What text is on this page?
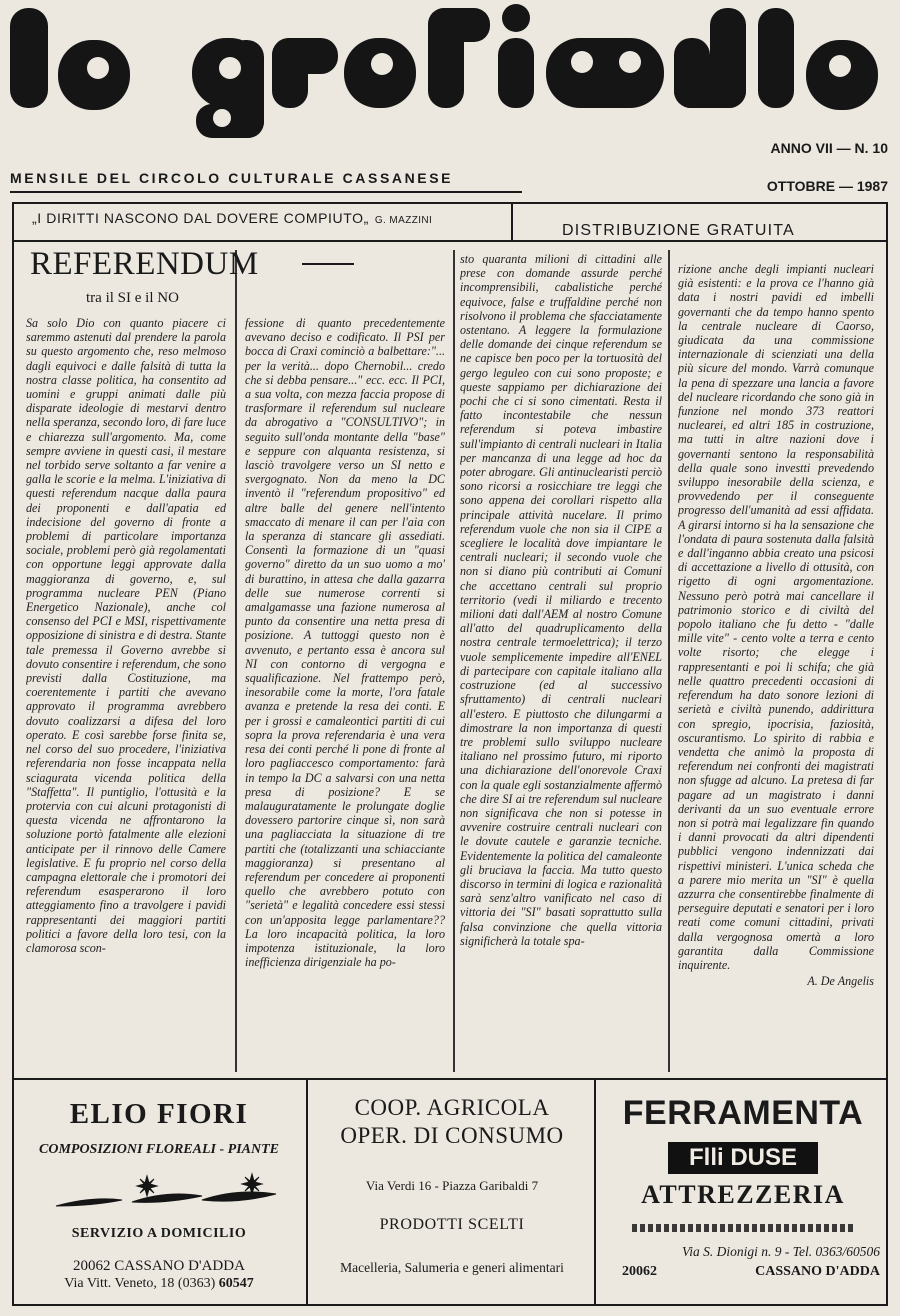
ANNO VII — N. 10
MENSILE DEL CIRCOLO CULTURALE CASSANESE	OTTOBRE — 1987
„I DIRITTI NASCONO DAL DOVERE COMPIUTO„ G. MAZZINI
DISTRIBUZIONE GRATUITA
REFERENDUM
tra il SI e il NO

Sa solo Dio con quanto piacere ci saremmo astenuti dal prendere la parola su questo argomento che, reso melmoso dagli equivoci e dalle falsità di tutta la nostra classe politica, ha consentito ad uomini e gruppi animati dalle più disparate ideologie di mestarvi dentro nella speranza, secondo loro, di fare luce e chiarezza sull'argomento. Ma, come sempre avviene in questi casi, il mestare nel torbido serve soltanto a far venire a galla le scorie e la melma. L'iniziativa di questi referendum nacque dalla paura dei proponenti e dall'apatia ed indecisione del governo di fronte a problemi di particolare importanza sociale, problemi però già regolamentati con opportune leggi approvate dalla maggioranza di governo, e, sul programma nucleare PEN (Piano Energetico Nazionale), anche col consenso del PCI e MSI, rispettivamente opposizione di sinistra e di destra. Stante tale premessa il Governo avrebbe si dovuto consentire i referendum, che sono previsti dalla Costituzione, ma coerentemente i partiti che avevano approvato il programma avrebbero dovuto coalizzarsi a difesa del loro operato. E così sarebbe forse finita se, nel corso del suo procedere, l'iniziativa referendaria non fosse incappata nella sciagurata vicenda politica della "Staffetta". Il puntiglio, l'ottusità e la protervia con cui alcuni protagonisti di questa vicenda ne affrontarono la soluzione portò fatalmente alle elezioni anticipate per il rinnovo delle Camere legislative. E fu proprio nel corso della campagna elettorale che i promotori dei referendum esasperarono il loro atteggiamento fino a travolgere i pavidi rappresentanti dei maggiori partiti politici a favore della loro tesi, con la clamorosa scon-

fessione di quanto precedentemente avevano deciso e codificato. Il PSI per bocca di Craxi cominciò a balbettare:"... per la verità... dopo Chernobil... credo che si debba pensare..." ecc. ecc. Il PCI, a sua volta, con mezza faccia propose di trasformare il referendum sul nucleare da abrogativo a "CONSULTIVO"; in seguito sull'onda montante della "base" e seppure con alquanta resistenza, si lasciò travolgere verso un SI netto e svergognato. Non da meno la DC inventò il "referendum propositivo" ed altre balle del genere nell'intento smaccato di menare il can per l'aia con la speranza di stancare gli assediati. Consentì la formazione di un "quasi governo" diretto da un suo uomo a mo' di burattino, in attesa che dalla gazarra delle sue numerose correnti si amalgamasse una fazione numerosa al punto da consentire una netta presa di posizione. A tuttoggi questo non è avvenuto, e pertanto essa è ancora sul NI con contorno di vergogna e squalificazione. Nel frattempo però, inesorabile come la morte, l'ora fatale avanza e pretende la resa dei conti. E per i grossi e camaleontici partiti di cui sopra la prova referendaria è una vera resa dei conti perché li pone di fronte al loro pagliaccesco comportamento: farà in tempo la DC a salvarsi con una netta presa di posizione? E se malauguratamente le prolungate doglie dovessero partorire cinque sì, non sarà una pagliacciata la situazione di tre partiti che (totalizzanti una schiacciante maggioranza) si presentano al referendum per concedere ai proponenti quello che avrebbero potuto con "serietà" e legalità concedere essi stessi con un'apposita legge parlamentare?? La loro incapacità politica, la loro impotenza istituzionale, la loro inefficienza dirigenziale ha po-

sto quaranta milioni di cittadini alle prese con domande assurde perché incomprensibili, cabalistiche perché equivoce, false e truffaldine perché non risolvono il problema che sfacciatamente ostentano. A leggere la formulazione delle domande dei cinque referendum se ne capisce ben poco per la tortuosità del gergo leguleo con cui sono proposte; e queste sappiamo per dichiarazione dei pochi che ci si sono cimentati. Resta il fatto incontestabile che nessun referendum si poteva imbastire sull'impianto di centrali nucleari in Italia per mancanza di una legge ad hoc da poter abrogare. Gli antinuclearisti perciò sono ricorsi a rosicchiare tre leggi che sono appena dei corollari rispetto alla principale attività nucelare. Il primo referendum vuole che non sia il CIPE a scegliere le località dove impiantare le centrali nucleari; il secondo vuole che non si diano più contributi ai Comuni che accettano centrali sul proprio territorio (vedi il miliardo e trecento milioni dati dall'AEM al nostro Comune all'atto del quadruplicamento della nostra centrale termoelettrica); il terzo vuole semplicemente impedire all'ENEL di partecipare con capitale italiano alla costruzione (ed al successivo sfruttamento) di centrali nucleari all'estero. E piuttosto che dilungarmi a dimostrare la non importanza di questi tre problemi sullo sviluppo nucleare italiano nel prossimo futuro, mi riporto una dichiarazione dell'onorevole Craxi con la quale egli sostanzialmente affermò che dire SI ai tre referendum sul nucleare non significava che non si potesse in avvenire costruire centrali nucleari con le dovute cautele e garanzie tecniche. Evidentemente la politica del camaleonte gli bruciava la faccia. Ma tutto questo discorso in termini di logica e razionalità sarà senz'altro vanificato nel caso di vittoria dei "SI" basati soprattutto sulla falsa convinzione che quella vittoria significherà la totale spa-

rizione anche degli impianti nucleari già esistenti: e la prova ce l'hanno già data i nostri pavidi ed imbelli governanti che da tempo hanno spento la centrale nucleare di Caorso, giudicata da una commissione internazionale di scienziati una della più sicure del mondo. Varrà comunque la pena di spezzare una lancia a favore del nucleare ricordando che sono già in funzione nel mondo 373 reattori nuclearei, ed altri 185 in costruzione, ma tutti in altre nazioni dove i governanti sentono la responsabilità della quale sono investti prevedendo sviluppo inesorabile della scienza, e provvedendo per il conseguente progresso dell'umanità ad essi affidata. A girarsi intorno si ha la sensazione che l'ondata di paura sostenuta dalla falsità e dall'inganno abbia creato una psicosi di accettazione a livello di ottusità, con rigetto di ogni argomentazione. Nessuno però potrà mai cancellare il patrimonio storico e di civiltà del popolo italiano che fu detto - "dalle mille vite" - cento volte a terra e cento volte risorto; che elegge i rappresentanti e poi li schifa; che già nelle quattro precedenti occasioni di referendum ha dato sonore lezioni di serietà e civiltà punendo, addirittura con spregio, ipocrisia, faziosità, oscurantismo. Lo spirito di rabbia e vendetta che animò la proposta di referendum nei confronti dei magistrati non sfugge ad alcuno. La pretesa di far pagare ad un magistrato i danni derivanti da un suo eventuale errore non si potrà mai legalizzare fin quando i danni provocati da altri dipendenti pubblici vengono indennizzati dai rispettivi ministeri. L'unica scheda che a parere mio merita un "SI" è quella azzurra che consentirebbe finalmente di perseguire deputati e senatori per i loro reati come comuni cittadini, privati dalla vergognosa omertà a loro garantita dalla Commissione inquirente.

A. De Angelis

ELIO FIORI
COMPOSIZIONI FLOREALI - PIANTE
SERVIZIO A DOMICILIO
20062 CASSANO D'ADDA
Via Vitt. Veneto, 18 (0363) 60547
COOP. AGRICOLA
OPER. DI CONSUMO
Via Verdi 16 - Piazza Garibaldi 7
PRODOTTI SCELTI
Macelleria, Salumeria e generi alimentari
FERRAMENTA
Flli DUSE
ATTREZZERIA
Via S. Dionigi n. 9 - Tel. 0363/60506
20062	CASSANO D'ADDA
